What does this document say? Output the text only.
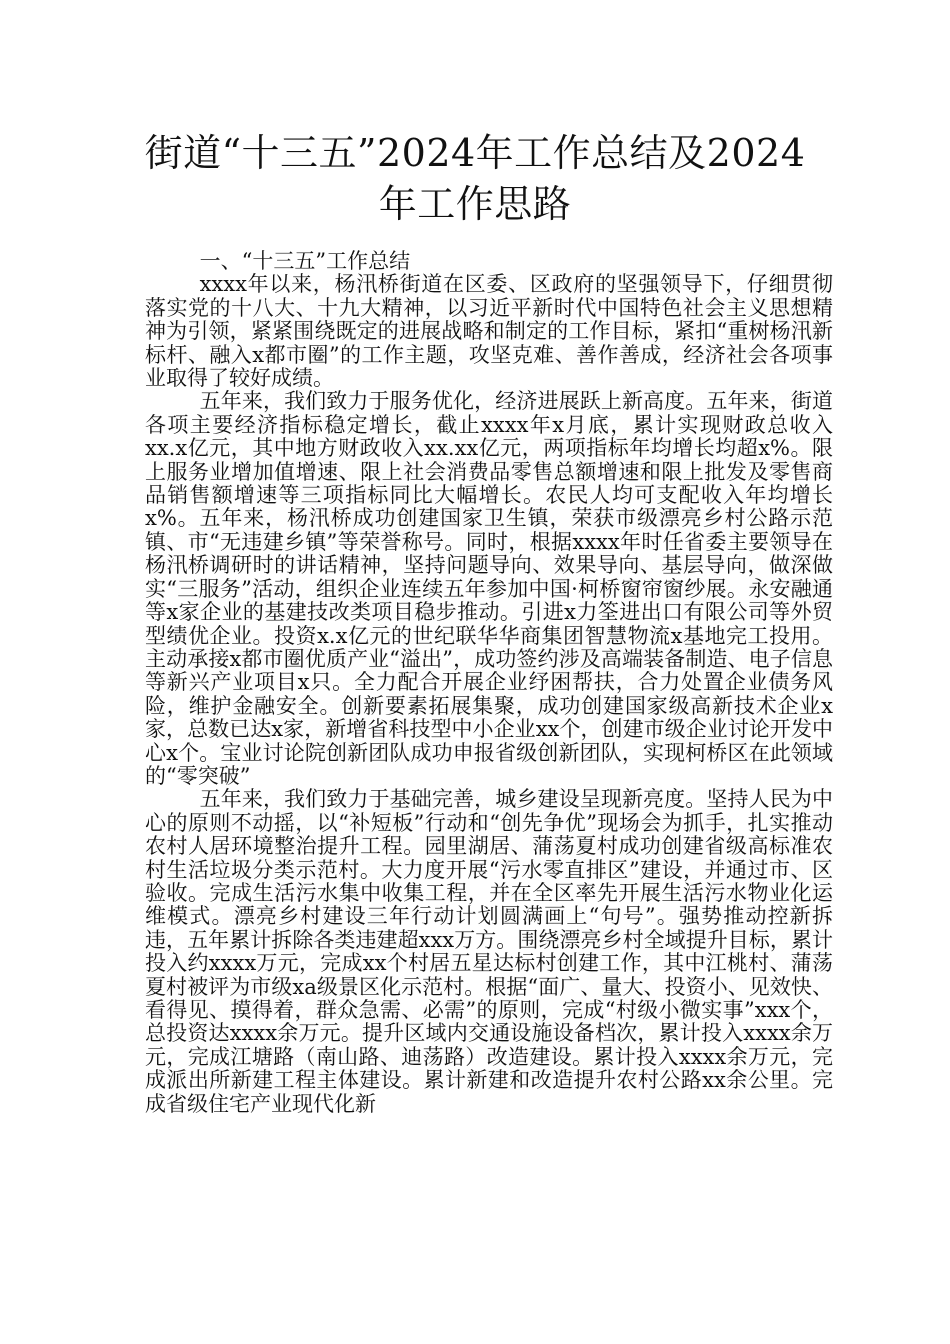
街道“十三五”2024年工作总结及2024年工作思路

一、“十三五”工作总结

xxxx年以来，杨汛桥街道在区委、区政府的坚强领导下，仔细贯彻落实党的十八大、十九大精神，以习近平新时代中国特色社会主义思想精神为引领，紧紧围绕既定的进展战略和制定的工作目标，紧扣“重树杨汛新标杆、融入x都市圈”的工作主题，攻坚克难、善作善成，经济社会各项事业取得了较好成绩。

五年来，我们致力于服务优化，经济进展跃上新高度。五年来，街道各项主要经济指标稳定增长，截止xxxx年x月底，累计实现财政总收入xx.x亿元，其中地方财政收入xx.xx亿元，两项指标年均增长均超x%。限上服务业增加值增速、限上社会消费品零售总额增速和限上批发及零售商品销售额增速等三项指标同比大幅增长。农民人均可支配收入年均增长x%。五年来，杨汛桥成功创建国家卫生镇，荣获市级漂亮乡村公路示范镇、市“无违建乡镇”等荣誉称号。同时，根据xxxx年时任省委主要领导在杨汛桥调研时的讲话精神，坚持问题导向、效果导向、基层导向，做深做实“三服务”活动，组织企业连续五年参加中国·柯桥窗帘窗纱展。永安融通等x家企业的基建技改类项目稳步推动。引进x力筌进出口有限公司等外贸型绩优企业。投资x.x亿元的世纪联华华商集团智慧物流x基地完工投用。主动承接x都市圈优质产业“溢出”，成功签约涉及高端装备制造、电子信息等新兴产业项目x只。全力配合开展企业纾困帮扶，合力处置企业债务风险，维护金融安全。创新要素拓展集聚，成功创建国家级高新技术企业x家，总数已达x家，新增省科技型中小企业xx个，创建市级企业讨论开发中心x个。宝业讨论院创新团队成功申报省级创新团队，实现柯桥区在此领域的“零突破”

五年来，我们致力于基础完善，城乡建设呈现新亮度。坚持人民为中心的原则不动摇，以“补短板”行动和“创先争优”现场会为抓手，扎实推动农村人居环境整治提升工程。园里湖居、蒲荡夏村成功创建省级高标准农村生活垃圾分类示范村。大力度开展“污水零直排区”建设，并通过市、区验收。完成生活污水集中收集工程，并在全区率先开展生活污水物业化运维模式。漂亮乡村建设三年行动计划圆满画上“句号”。强势推动控新拆违，五年累计拆除各类违建超xxx万方。围绕漂亮乡村全域提升目标，累计投入约xxxx万元，完成xx个村居五星达标村创建工作，其中江桃村、蒲荡夏村被评为市级xa级景区化示范村。根据“面广、量大、投资小、见效快、看得见、摸得着，群众急需、必需”的原则，完成“村级小微实事”xxx个，总投资达xxxx余万元。提升区域内交通设施设备档次，累计投入xxxx余万元，完成江塘路（南山路、迪荡路）改造建设。累计投入xxxx余万元，完成派出所新建工程主体建设。累计新建和改造提升农村公路xx余公里。完成省级住宅产业现代化新
